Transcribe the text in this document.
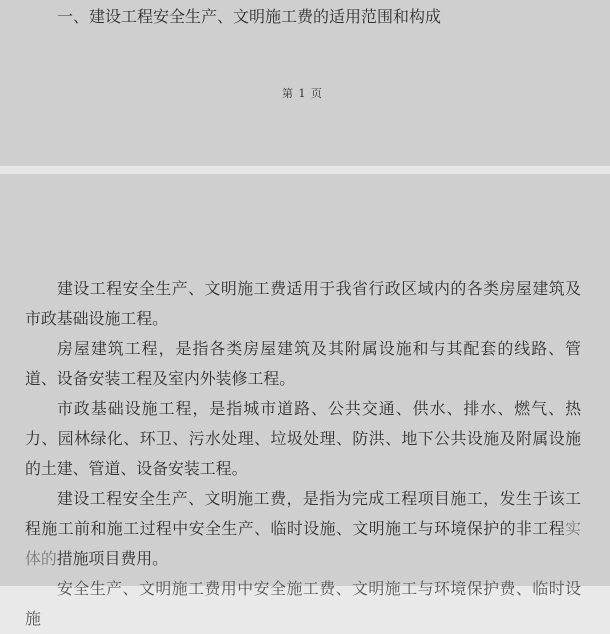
一、建设工程安全生产、文明施工费的适用范围和构成
第 1 页

建设工程安全生产、文明施工费适用于我省行政区域内的各类房屋建筑及市政基础设施工程。

房屋建筑工程，是指各类房屋建筑及其附属设施和与其配套的线路、管道、设备安装工程及室内外装修工程。

市政基础设施工程，是指城市道路、公共交通、供水、排水、燃气、热力、园林绿化、环卫、污水处理、垃圾处理、防洪、地下公共设施及附属设施的土建、管道、设备安装工程。

建设工程安全生产、文明施工费，是指为完成工程项目施工，发生于该工程施工前和施工过程中安全生产、临时设施、文明施工与环境保护的非工程实体的措施项目费用。

安全生产、文明施工费用中安全施工费、文明施工与环境保护费、临时设施
